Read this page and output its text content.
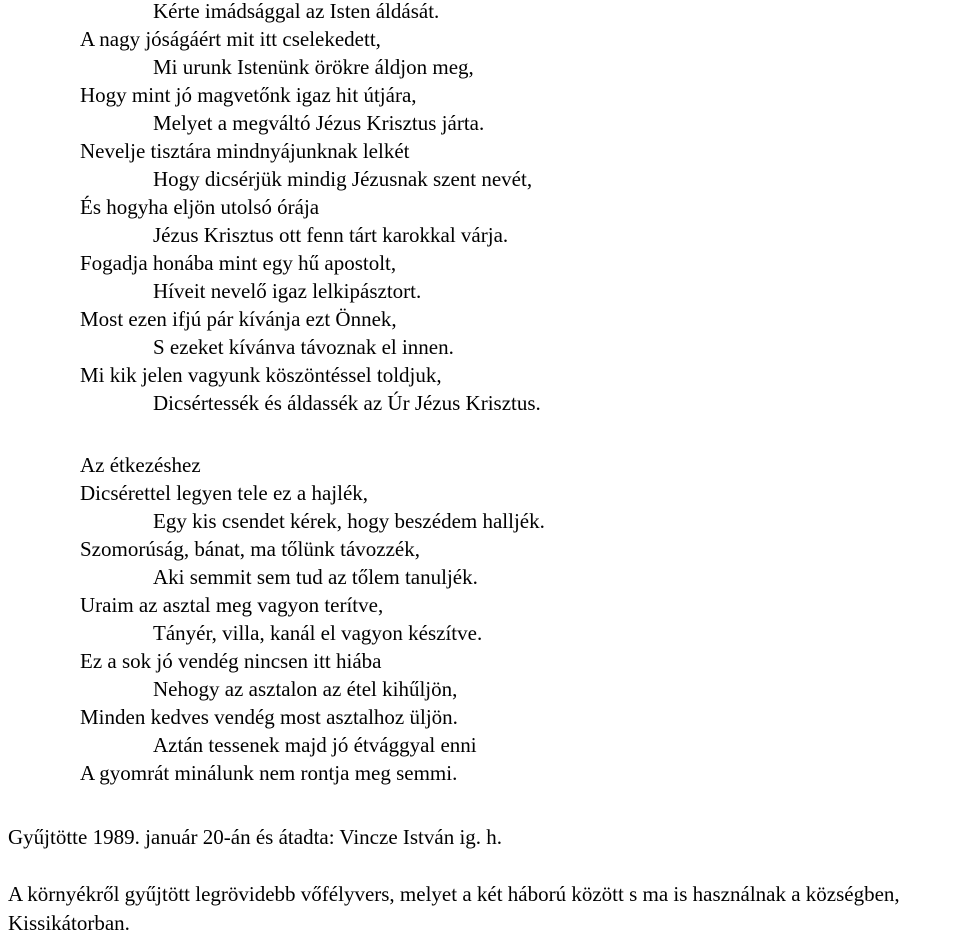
Kérte imádsággal az Isten áldását.
A nagy jóságáért mit itt cselekedett,
Mi urunk Istenünk örökre áldjon meg,
Hogy mint jó magvetőnk igaz hit útjára,
Melyet a megváltó Jézus Krisztus járta.
Nevelje tisztára mindnyájunknak lelkét
Hogy dicsérjük mindig Jézusnak szent nevét,
És hogyha eljön utolsó órája
Jézus Krisztus ott fenn tárt karokkal várja.
Fogadja honába mint egy hű apostolt,
Híveit nevelő igaz lelkipásztort.
Most ezen ifjú pár kívánja ezt Önnek,
S ezeket kívánva távoznak el innen.
Mi kik jelen vagyunk köszöntéssel toldjuk,
Dicsértessék és áldassék az Úr Jézus Krisztus.
Az étkezéshez
Dicsérettel legyen tele ez a hajlék,
Egy kis csendet kérek, hogy beszédem halljék.
Szomorúság, bánat, ma tőlünk távozzék,
Aki semmit sem tud az tőlem tanuljék.
Uraim az asztal meg vagyon terítve,
Tányér, villa, kanál el vagyon készítve.
Ez a sok jó vendég nincsen itt hiába
Nehogy az asztalon az étel kihűljön,
Minden kedves vendég most asztalhoz üljön.
Aztán tessenek majd jó étvággyal enni
A gyomrát minálunk nem rontja meg semmi.
Gyűjtötte 1989. január 20-án és átadta: Vincze István ig. h.
A környékről gyűjtött legrövidebb vőfélyvers, melyet a két háború között s ma is használnak a községben, Kissikátorban.
